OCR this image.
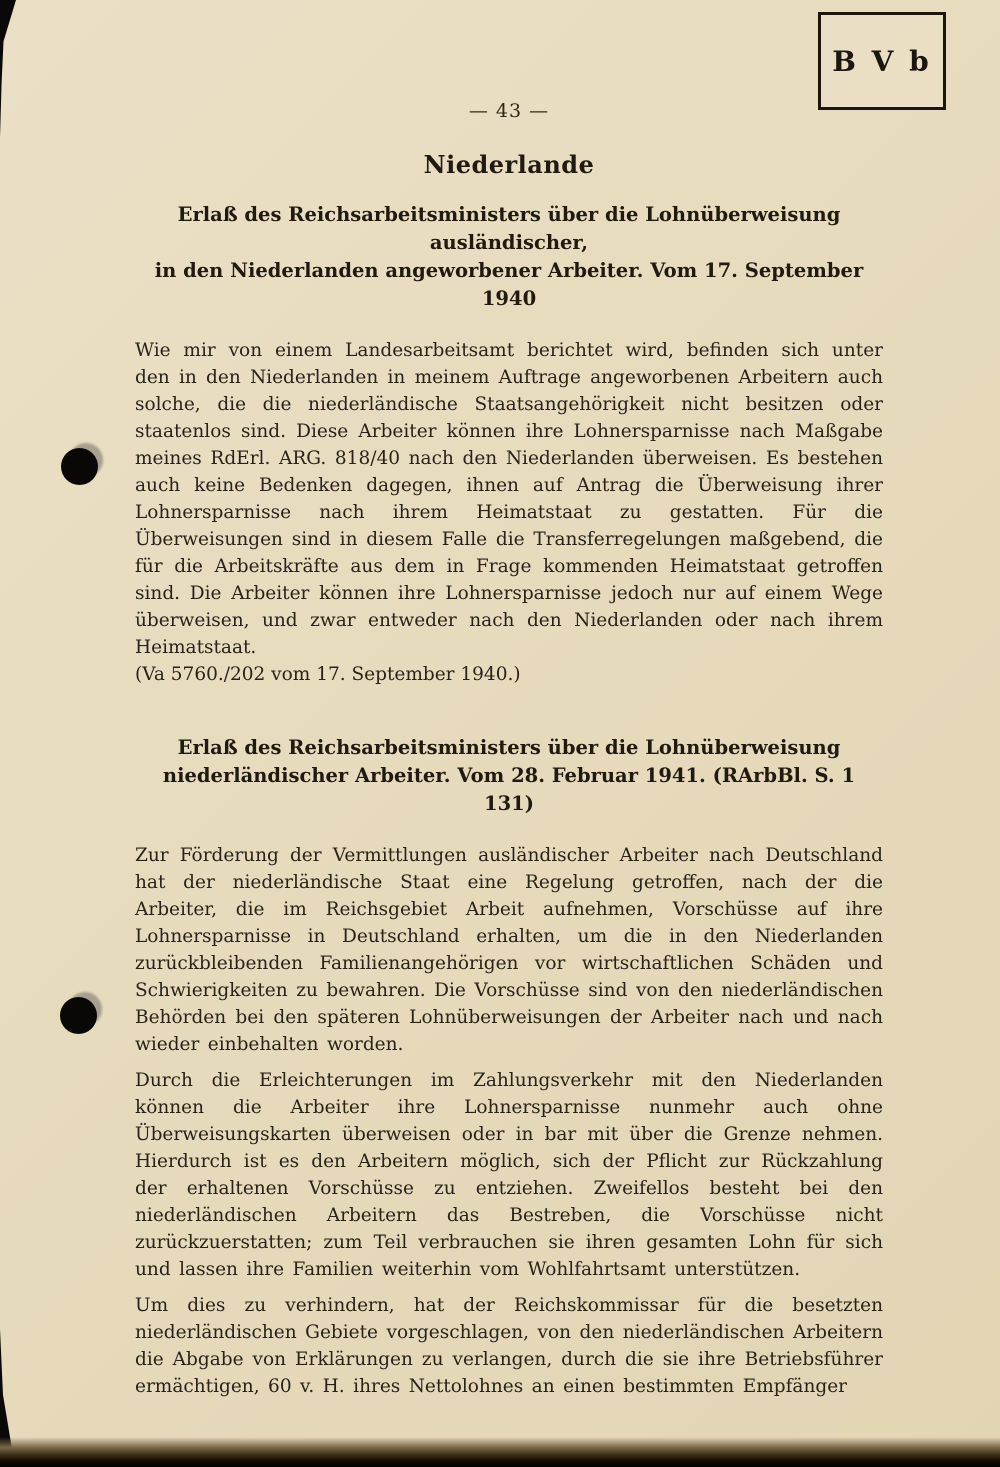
B V b
— 43 —
Niederlande
Erlaß des Reichsarbeitsministers über die Lohnüberweisung ausländischer,
in den Niederlanden angeworbener Arbeiter. Vom 17. September 1940

Wie mir von einem Landesarbeitsamt berichtet wird, befinden sich unter den in den Niederlanden in meinem Auftrage angeworbenen Arbeitern auch solche, die die niederländische Staatsangehörigkeit nicht besitzen oder staatenlos sind. Diese Arbeiter können ihre Lohnersparnisse nach Maßgabe meines RdErl. ARG. 818/40 nach den Niederlanden überweisen. Es bestehen auch keine Bedenken dagegen, ihnen auf Antrag die Überweisung ihrer Lohnersparnisse nach ihrem Heimatstaat zu gestatten. Für die Überweisungen sind in diesem Falle die Transferregelungen maßgebend, die für die Arbeitskräfte aus dem in Frage kommenden Heimatstaat getroffen sind. Die Arbeiter können ihre Lohnersparnisse jedoch nur auf einem Wege überweisen, und zwar entweder nach den Niederlanden oder nach ihrem Heimatstaat.

(Va 5760./202 vom 17. September 1940.)

Erlaß des Reichsarbeitsministers über die Lohnüberweisung
niederländischer Arbeiter. Vom 28. Februar 1941. (RArbBl. S. 1 131)

Zur Förderung der Vermittlungen ausländischer Arbeiter nach Deutschland hat der niederländische Staat eine Regelung getroffen, nach der die Arbeiter, die im Reichsgebiet Arbeit aufnehmen, Vorschüsse auf ihre Lohnersparnisse in Deutschland erhalten, um die in den Niederlanden zurückbleibenden Familienangehörigen vor wirtschaftlichen Schäden und Schwierigkeiten zu bewahren. Die Vorschüsse sind von den niederländischen Behörden bei den späteren Lohnüberweisungen der Arbeiter nach und nach wieder einbehalten worden.

Durch die Erleichterungen im Zahlungsverkehr mit den Niederlanden können die Arbeiter ihre Lohnersparnisse nunmehr auch ohne Überweisungskarten überweisen oder in bar mit über die Grenze nehmen. Hierdurch ist es den Arbeitern möglich, sich der Pflicht zur Rückzahlung der erhaltenen Vorschüsse zu entziehen. Zweifellos besteht bei den niederländischen Arbeitern das Bestreben, die Vorschüsse nicht zurückzuerstatten; zum Teil verbrauchen sie ihren gesamten Lohn für sich und lassen ihre Familien weiterhin vom Wohlfahrtsamt unterstützen.

Um dies zu verhindern, hat der Reichskommissar für die besetzten niederländischen Gebiete vorgeschlagen, von den niederländischen Arbeitern die Abgabe von Erklärungen zu verlangen, durch die sie ihre Betriebsführer ermächtigen, 60 v. H. ihres Nettolohnes an einen bestimmten Empfänger
